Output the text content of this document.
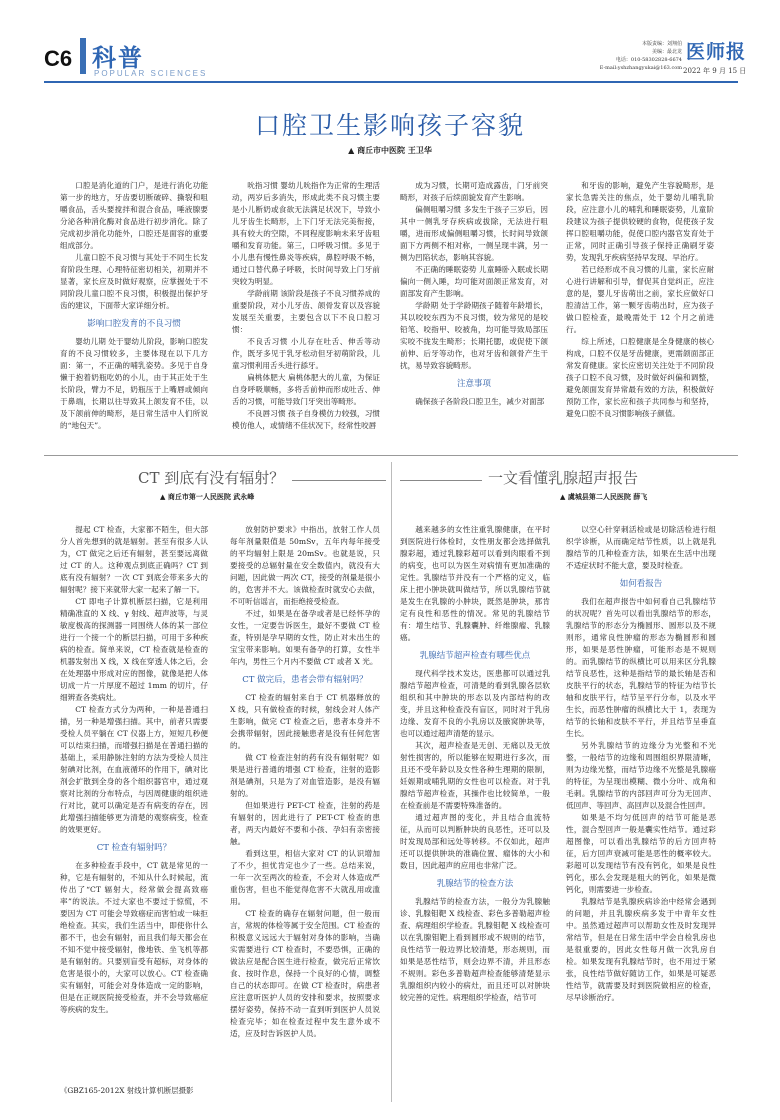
C6 科普
POPULAR SCIENCES
本版责编：刘翔伯
美编：最北龙
电话：010-58302828-6674
E-mail:yshzhangyukai@163.com
医师报
2022 年 9 月 15 日
口腔卫生影响孩子容貌
▲ 商丘市中医院 王卫华

口腔是消化道的门户，是进行消化功能第一步的地方，牙齿要切断破碎、撕裂和咀嚼食品，舌头要搅拌和混合食品，唾液腺要分泌各种消化酶对食品进行初步消化。除了完成初步消化功能外，口腔还是面容的重要组成部分。

儿童口腔不良习惯与其处于不同生长发育阶段生理、心理特征密切相关，初期并不显著，家长应及时做好观察，应掌握处于不同阶段儿童口腔不良习惯，积极提出保护牙齿的建议，下面带大家详细分析。

影响口腔发育的不良习惯

婴幼儿期 处于婴幼儿阶段，影响口腔发育的不良习惯较多，主要体现在以下几方面：第一，不正确的哺乳姿势。多见于自身懒于抱着奶瓶吃奶的小儿，由于其正处于生长阶段，臂力不足，奶瓶压于上嘴唇或倾向于鼻端，长期以往导致其上颌发育不佳，以及下颌前伸的畸形，是日常生活中人们所说的“地包天”。

吮指习惯 婴幼儿吮指作为正常的生理活动，两岁后多消失，形成此类不良习惯主要是小儿断奶或食欲无法满足状况下，导致小儿牙齿生长畸形，上下门牙无法完美衔接，具有较大的空隙，不同程度影响未来牙齿咀嚼和发育功能。第三，口呼吸习惯。多见于小儿患有慢性鼻炎等疾病，鼻腔呼吸不畅，通过口替代鼻子呼吸，长时间导致上门牙前突较为明显。

学龄前期 该阶段是孩子不良习惯养成的重要阶段，对小儿牙齿、颌骨发育以及容貌发展至关重要，主要包含以下不良口腔习惯：

不良舌习惯 小儿存在吐舌、伸舌等动作，既牙多见于乳牙松动但牙初萌阶段，儿童习惯利用舌头进行舔牙。

扁桃体肥大 扁桃体肥大的儿童，为保证自身呼吸顺畅，多将舌前伸而形成吐舌、伸舌的习惯，可能导致门牙突出等畸形。

不良唇习惯 孩子自身模仿力较强，习惯模仿他人，或情绪不佳状况下，经常性咬唇

成为习惯，长期可造成露齿，门牙前突畸形，对孩子后续面貌发育产生影响。

偏侧咀嚼习惯 多发生于孩子三岁后，因其中一侧乳牙存疾病或拔除，无法进行咀嚼，进而形成偏侧咀嚼习惯，长时间导致颌面下方两侧不相对称，一侧呈现丰满，另一侧为凹陷状态，影响其容貌。

不正确的睡眠姿势 儿童睡卧入眠或长期偏向一侧入睡，均可能对面颌正常发育，对面部发育产生影响。

学龄期 处于学龄期孩子随着年龄增长，其以咬咬东西为不良习惯，较为常见的是咬铅笔、咬指甲、咬被角，均可能导致局部压实咬不拢发生畸形；长期托腮，或促使下颌前伸、后牙等动作，也对牙齿和颌骨产生干扰，易导致容貌畸形。

注意事项

确保孩子各阶段口腔卫生，减少对面部

和牙齿的影响，避免产生容貌畸形，是家长急需关注的焦点，处于婴幼儿哺乳阶段，应注意小儿的哺乳和睡眠姿势，儿童阶段建议为孩子提供较硬的食物，促使孩子发挥口腔咀嚼功能，促使口腔内器官发育处于正常，同时正确引导孩子保持正确刷牙姿势，发现乳牙疾病坚持早发现、早治疗。

若已经形成不良习惯的儿童，家长应耐心进行讲解和引导，督促其自觉纠正，应注意的是，婴儿牙齿萌出之前，家长应做好口腔清洁工作，第一颗牙齿萌出时，应为孩子做口腔检查，最晚需处于 12 个月之前进行。

综上所述，口腔健康是全身健康的核心构成，口腔不仅是牙齿健康，更需颌面部正常发育健康。家长应密切关注处于不同阶段孩子口腔不良习惯，及时做好纠偏和调整，避免颌面发育异常最有效的方法，积极做好预防工作，家长应和孩子共同参与和坚持，避免口腔不良习惯影响孩子颜值。

CT 到底有没有辐射？
▲ 商丘市第一人民医院 武永峰
一文看懂乳腺超声报告
▲ 虞城县第二人民医院 薛飞

提起 CT 检查，大家都不陌生，但大部分人首先想到的就是辐射。甚至有很多人认为，CT 做完之后还有辐射，甚至要远离做过 CT 的人。这种观点到底正确吗？CT 到底有没有辐射？一次 CT 到底会带来多大的辐射呢？接下来就带大家一起来了解一下。

CT 即电子计算机断层扫描，它是利用精确准直的 X 线、γ 射线、超声波等，与灵敏度极高的探测器一同围绕人体的某一部位进行一个接一个的断层扫描，可用于多种疾病的检查。简单来说，CT 检查就是检查的机器发射出 X 线，X 线在穿透人体之后，会在处理器中形成对应的图像，就像是把人体切成一片一片厚度不超过 1mm 的切片，仔细辨查各类病灶。

CT 检查方式分为两种，一种是普通扫描，另一种是增强扫描。其中，前者只需要受检人员平躺在 CT 仪器上方，短短几秒便可以结束扫描，而增强扫描是在普通扫描的基础上，采用静脉注射的方法为受检人员注射碘对比剂，在血液循环的作用下，碘对比剂会扩散到全身的各个组织器官中，通过观察对比剂的分布特点，与因周健康的组织进行对比，就可以确定是否有病变的存在，因此增强扫描能够更为清楚的观察病变，检查的效果更好。

CT 检查有辐射吗？

在多种检查手段中，CT 就是常见的一种，它是有辐射的，不知从什么时候起，流传出了“CT 辐射大，经常做会提高致癌率”的说法。不过大家也不要过于惊慌，不要因为 CT 可能会导致癌症而害怕或一味拒绝检查。其实，我们生活当中，即使你什么都不干，也会有辐射，而且我们每天都会在不知不觉中接受辐射，像地铁、坐飞机等都是有辐射的。只要别盲受有超标，对身体的危害是很小的，大家可以放心。CT 检查确实有辐射，可能会对身体造成一定的影响，但是在正规医院接受检查，并不会导致癌症等疾病的发生。

《GBZ165-2012X 射线计算机断层摄影

放射防护要求》中指出，放射工作人员每年剂量限值是 50mSv，五年内每年接受的平均辐射上限是 20mSv。也就是说，只要接受的总辐射量在安全数值内，就没有大问题，因此做一两次 CT，接受的剂量是很小的，危害并不大。该做检查时就安心去做，不可听信谣言，而拒绝接受检查。

不过，如果是在备孕或者是已经怀孕的女性，一定要告诉医生，最好不要做 CT 检查，特别是孕早期的女性，防止对未出生的宝宝带来影响。如果有备孕的打算，女性半年内，男性三个月内不要做 CT 或者 X 光。

CT 做完后，患者会带有辐射吗？

CT 检查的辐射来自于 CT 机器释放的 X 线，只有做检查的时候，射线会对人体产生影响，做完 CT 检查之后，患者本身并不会携带辐射，因此接触患者是没有任何危害的。

做 CT 检查注射的药有没有辐射呢？如果是进行普通的增强 CT 检查，注射的造影剂是碘剂，只是为了对血管造影，是没有辐射的。

但如果进行 PET-CT 检查，注射的药是有辐射的，因此进行了 PET-CT 检查的患者，两天内最好不要和小孩、孕妇有亲密接触。

看到这里，相信大家对 CT 的认识增加了不少，担忧肯定也少了一些。总结来说，一年一次至两次的检查，不会对人体造成严重伤害，但也不能觉得危害不大就乱用或滥用。

CT 检查的确存在辐射问题，但一般而言，常规的体检等属于安全范围。CT 检查的积极意义远远大于辐射对身体的影响，当确实需要进行 CT 检查时，不要恐惧，正确的做法应是配合医生进行检查，做完后正常饮食、按时作息，保持一个良好的心情，调整自己的状态即可。在做 CT 检查时，病患者应注意听医护人员的安排和要求，按照要求摆好姿势，保持不动一直到听到医护人员说检查完毕；如在检查过程中发生意外或不适，应及时告诉医护人员。

越来越多的女性注重乳腺健康，在平时到医院进行体检时，女性朋友都会选择做乳腺彩超，通过乳腺彩超可以看到肉眼看不到的病变，也可以为医生对病情有更加准确的定性。乳腺结节并没有一个严格的定义，临床上把小肿块就叫做结节，所以乳腺结节就是发生在乳腺的小肿块，既然是肿块，那肯定有良性和恶性的情况。常见的乳腺结节有：增生结节、乳腺囊肿、纤维腺瘤、乳腺癌。

乳腺结节超声检查有哪些优点

现代科学技术发达，医患都可以通过乳腺结节超声检查，可清楚的看到乳腺各层软组织和其中肿块的形态以及内部结构的改变，并且这种检查没有盲区，同时对于乳房边缘、发育不良的小乳房以及腋窝肿块等，也可以通过超声清楚的显示。

其次，超声检查是无创、无痛以及无放射性损害的，所以能够在短期进行多次，而且还不受年龄以及女性各种生理期的限制，妊娠期或哺乳期的女性也可以检查。对于乳腺结节超声检查，其操作也比较简单，一般在检查前是不需要特殊准备的。

通过超声图的变化，并且结合血流特征，从而可以判断肿块的良恶性，还可以及时发现局部和远处等转移。不仅如此，超声还可以提供肿块的准确位置、瘤体的大小和数目，因此超声的应用也非常广泛。

乳腺结节的检查方法

乳腺结节的检查方法，一般分为乳腺触诊、乳腺钼靶 X 线检查、彩色多普勒超声检查、病理组织学检查。乳腺钼靶 X 线检查可以在乳腺钼靶上看到圆形或不规则的结节，良性结节一般边界比较清楚，形态规则，而如果是恶性结节，则会边界不清，并且形态不规则。彩色多普勒超声检查能够清楚显示乳腺组织内较小的病灶，而且还可以对肿块较完善的定性。病理组织学检查，结节可

以空心针穿刺活检或是切除活检进行组织学诊断，从而确定结节性质，以上就是乳腺结节的几种检查方法，如果在生活中出现不适症状时不能大意，要及时检查。

如何看报告

我们在超声报告中如何看自己乳腺结节的状况呢？首先可以看出乳腺结节的形态，乳腺结节的形态分为椭圆形、圆形以及不规则形，通常良性肿瘤的形态为椭圆形和圆形，如果是恶性肿瘤，可能形态是不规则的。而乳腺结节的纵横比可以用来区分乳腺结节良恶性，这种是指结节的最长轴是否和皮肤平行的状态，乳腺结节的特征为结节长轴和皮肤平行，结节呈平行分布，以及水平生长，而恶性肿瘤的纵横比大于 1，表现为结节的长轴和皮肤不平行，并且结节呈垂直生长。

另外乳腺结节的边缘分为光整和不光整，一般结节的边缘和周围组织界限清晰，则为边缘光整，而结节边缘不光整是乳腺癌的特征，为呈现出模糊、微小分叶、成角和毛刺。乳腺结节的内部回声可分为无回声、低回声、等回声、高回声以及混合性回声。

如果是不均匀低回声的结节可能是恶性，混合型回声一般是囊实性结节。通过彩超图像，可以看出乳腺结节的后方回声特征，后方回声衰减可能是恶性的概率较大。彩超可以发现结节有没有钙化，如果是良性钙化，那么会发现是粗大的钙化，如果是微钙化，则需要进一步检查。

乳腺结节是乳腺疾病诊治中经常会遇到的问题，并且乳腺疾病多发于中青年女性中。虽然通过超声可以帮助女性及时发现异常结节，但是在日常生活中学会自检乳房也是很重要的，因此女性每月做一次乳房自检。如果发现有乳腺结节时，也不用过于紧张，良性结节做好随访工作，如果是可疑恶性结节，就需要及时到医院做相应的检查，尽早诊断治疗。
